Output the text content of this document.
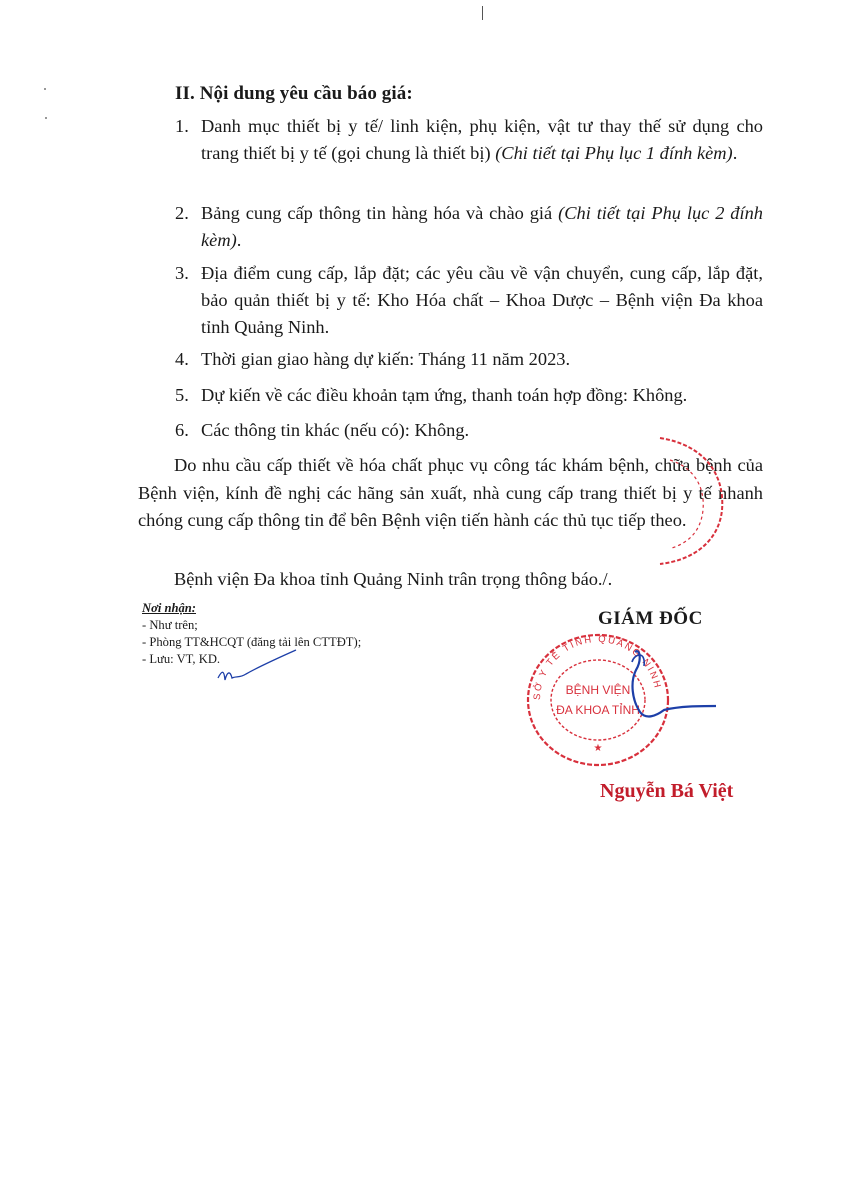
II. Nội dung yêu cầu báo giá:
1. Danh mục thiết bị y tế/ linh kiện, phụ kiện, vật tư thay thế sử dụng cho trang thiết bị y tế (gọi chung là thiết bị) (Chi tiết tại Phụ lục 1 đính kèm).
2. Bảng cung cấp thông tin hàng hóa và chào giá (Chi tiết tại Phụ lục 2 đính kèm).
3. Địa điểm cung cấp, lắp đặt; các yêu cầu về vận chuyển, cung cấp, lắp đặt, bảo quản thiết bị y tế: Kho Hóa chất – Khoa Dược – Bệnh viện Đa khoa tỉnh Quảng Ninh.
4. Thời gian giao hàng dự kiến: Tháng 11 năm 2023.
5. Dự kiến về các điều khoản tạm ứng, thanh toán hợp đồng: Không.
6. Các thông tin khác (nếu có): Không.
Do nhu cầu cấp thiết về hóa chất phục vụ công tác khám bệnh, chữa bệnh của Bệnh viện, kính đề nghị các hãng sản xuất, nhà cung cấp trang thiết bị y tế nhanh chóng cung cấp thông tin để bên Bệnh viện tiến hành các thủ tục tiếp theo.
Bệnh viện Đa khoa tỉnh Quảng Ninh trân trọng thông báo./.
Nơi nhận:
- Như trên;
- Phòng TT&HCQT (đăng tải lên CTTĐT);
- Lưu: VT, KD.
GIÁM ĐỐC
SỞ Y TẾ TỈNH QUẢNG NINH
BỆNH VIỆN
ĐA KHOA TỈNH
★
Nguyễn Bá Việt
